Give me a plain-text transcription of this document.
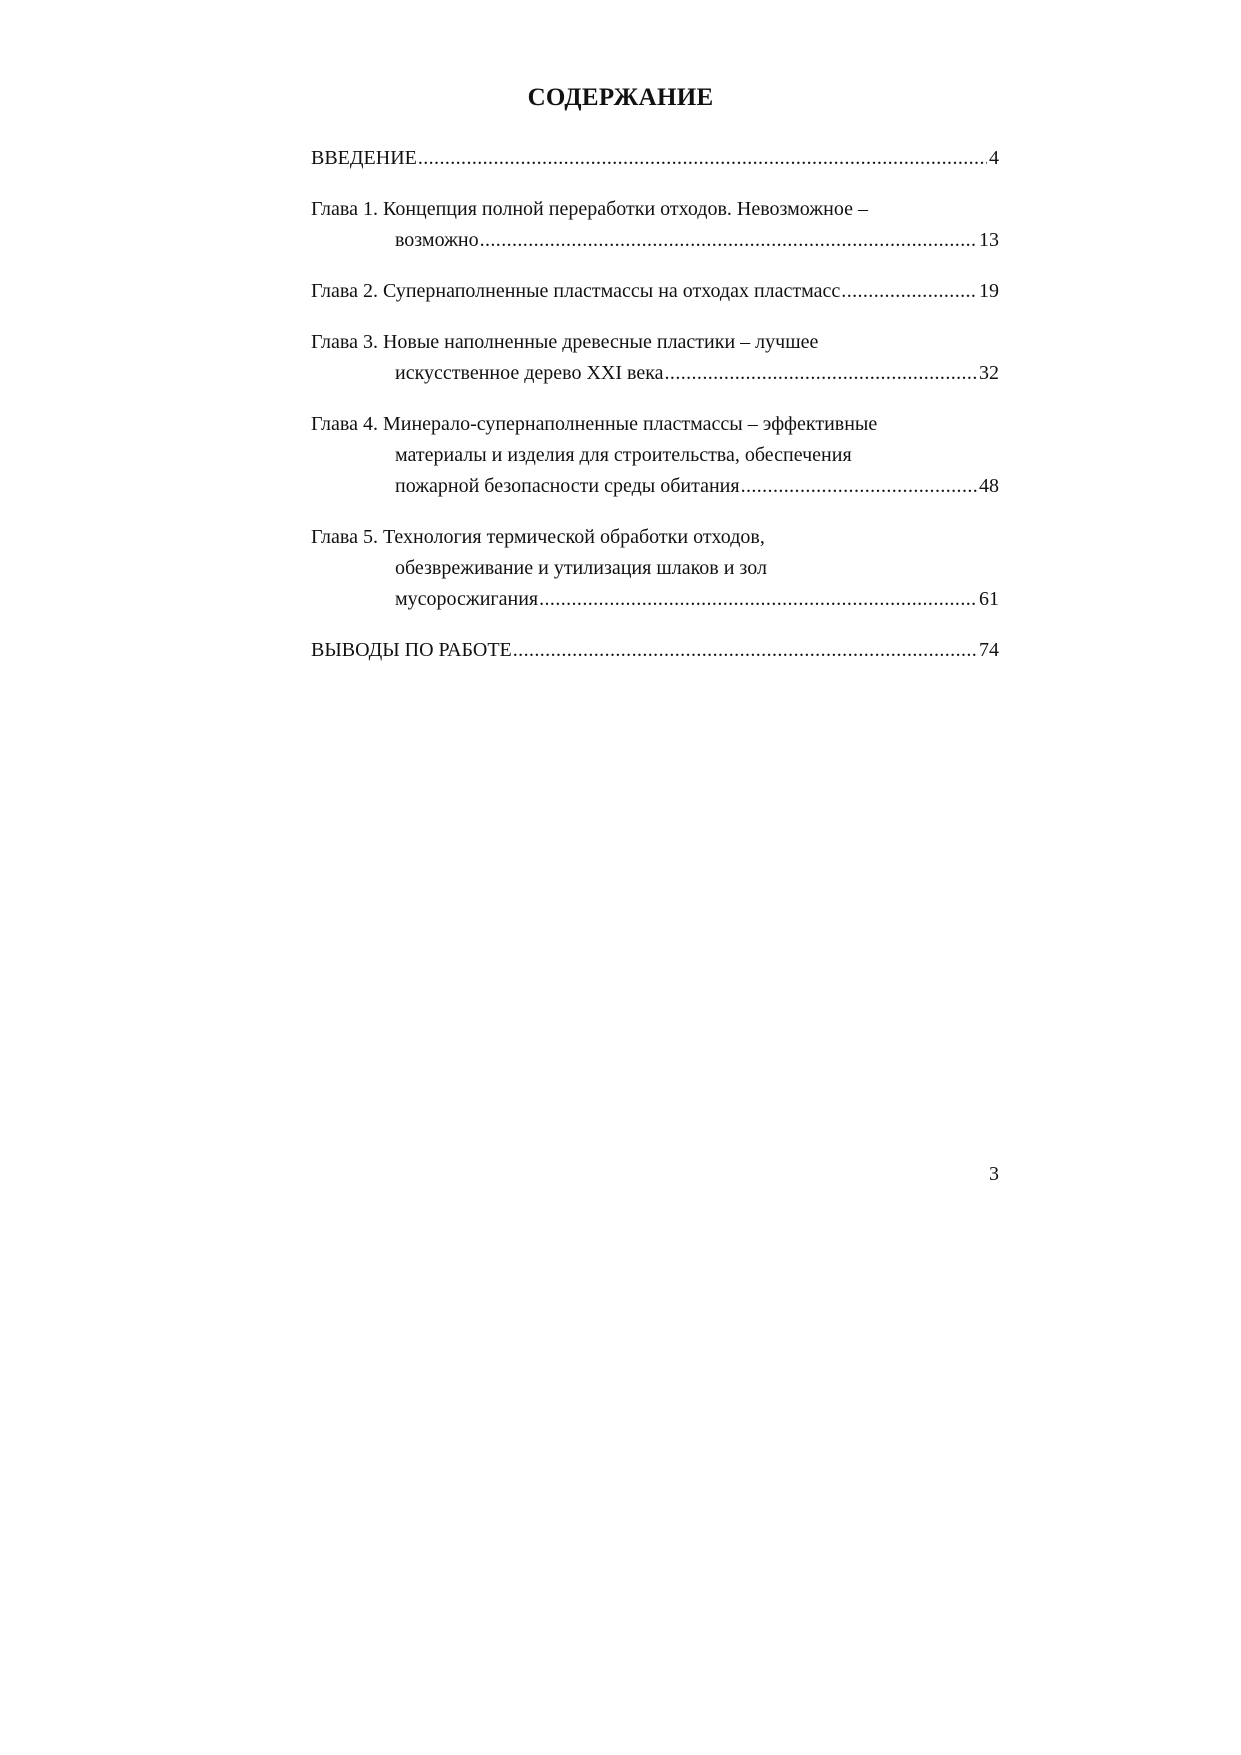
СОДЕРЖАНИЕ
ВВЕДЕНИЕ .....	4
Глава 1. Концепция полной переработки отходов. Невозможное –
возможно .....	13
Глава 2. Супернаполненные пластмассы на отходах пластмасс .....	19
Глава 3. Новые наполненные древесные пластики – лучшее
искусственное дерево XXI века .....	32
Глава 4. Минерало-супернаполненные пластмассы – эффективные
материалы и изделия для строительства, обеспечения
пожарной безопасности среды обитания .....	48
Глава 5. Технология термической обработки отходов,
обезвреживание и утилизация шлаков и зол
мусоросжигания .....	61
ВЫВОДЫ ПО РАБОТЕ .....	74
3
